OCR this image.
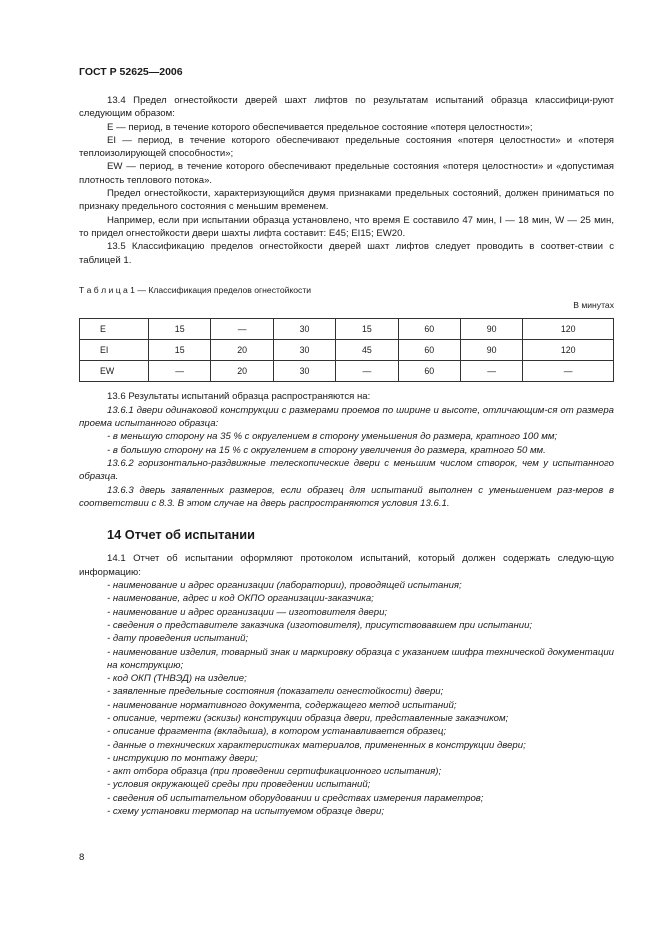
ГОСТ Р 52625—2006

13.4 Предел огнестойкости дверей шахт лифтов по результатам испытаний образца классифици-руют следующим образом:

E — период, в течение которого обеспечивается предельное состояние «потеря целостности»;

EI — период, в течение которого обеспечивают предельные состояния «потеря целостности» и «потеря теплоизолирующей способности»;

EW — период, в течение которого обеспечивают предельные состояния «потеря целостности» и «допустимая плотность теплового потока».

Предел огнестойкости, характеризующийся двумя признаками предельных состояний, должен приниматься по признаку предельного состояния с меньшим временем.

Например, если при испытании образца установлено, что время E составило 47 мин, I — 18 мин, W — 25 мин, то придел огнестойкости двери шахты лифта составит: E45; EI15; EW20.

13.5 Классификацию пределов огнестойкости дверей шахт лифтов следует проводить в соответ-ствии с таблицей 1.

Т а б л и ц а 1 — Классификация пределов огнестойкости
В минутах
E	15	—	30	15	60	90	120
EI	15	20	30	45	60	90	120
EW	—	20	30	—	60	—	—

13.6 Результаты испытаний образца распространяются на:

13.6.1 двери одинаковой конструкции с размерами проемов по ширине и высоте, отличающим-ся от размера проема испытанного образца:

- в меньшую сторону на 35 % с округлением в сторону уменьшения до размера, кратного 100 мм;

- в большую сторону на 15 % с округлением в сторону увеличения до размера, кратного 50 мм.

13.6.2 горизонтально-раздвижные телескопические двери с меньшим числом створок, чем у испытанного образца.

13.6.3 дверь заявленных размеров, если образец для испытаний выполнен с уменьшением раз-меров в соответствии с 8.3. В этом случае на дверь распространяются условия 13.6.1.

14 Отчет об испытании

14.1 Отчет об испытании оформляют протоколом испытаний, который должен содержать следую-щую информацию:

- наименование и адрес организации (лаборатории), проводящей испытания;

- наименование, адрес и код ОКПО организации-заказчика;

- наименование и адрес организации — изготовителя двери;

- сведения о представителе заказчика (изготовителя), присутствовавшем при испытании;

- дату проведения испытаний;

- наименование изделия, товарный знак и маркировку образца с указанием шифра технической документации на конструкцию;

- код ОКП (ТНВЭД) на изделие;

- заявленные предельные состояния (показатели огнестойкости) двери;

- наименование нормативного документа, содержащего метод испытаний;

- описание, чертежи (эскизы) конструкции образца двери, представленные заказчиком;

- описание фрагмента (вкладыша), в котором устанавливается образец;

- данные о технических характеристиках материалов, примененных в конструкции двери;

- инструкцию по монтажу двери;

- акт отбора образца (при проведении сертификационного испытания);

- условия окружающей среды при проведении испытаний;

- сведения об испытательном оборудовании и средствах измерения параметров;

- схему установки термопар на испытуемом образце двери;

8
